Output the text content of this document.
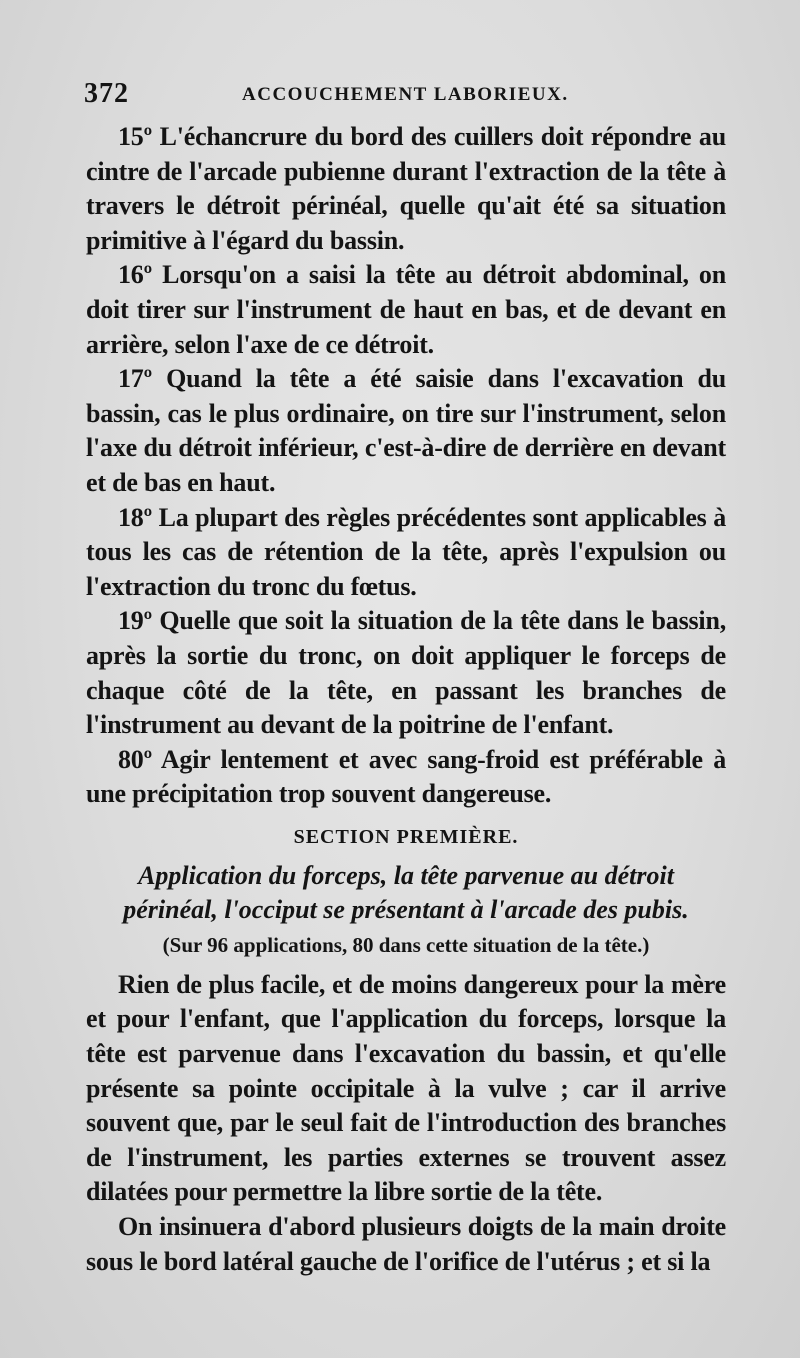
372	ACCOUCHEMENT LABORIEUX.

15º L'échancrure du bord des cuillers doit répondre au cintre de l'arcade pubienne durant l'extraction de la tête à travers le détroit périnéal, quelle qu'ait été sa situation primitive à l'égard du bassin.

16º Lorsqu'on a saisi la tête au détroit abdominal, on doit tirer sur l'instrument de haut en bas, et de devant en arrière, selon l'axe de ce détroit.

17º Quand la tête a été saisie dans l'excavation du bassin, cas le plus ordinaire, on tire sur l'instrument, selon l'axe du détroit inférieur, c'est-à-dire de derrière en devant et de bas en haut.

18º La plupart des règles précédentes sont applicables à tous les cas de rétention de la tête, après l'expulsion ou l'extraction du tronc du fœtus.

19º Quelle que soit la situation de la tête dans le bassin, après la sortie du tronc, on doit appliquer le forceps de chaque côté de la tête, en passant les branches de l'instrument au devant de la poitrine de l'enfant.

80º Agir lentement et avec sang-froid est préférable à une précipitation trop souvent dangereuse.

SECTION PREMIÈRE.
Application du forceps, la tête parvenue au détroit périnéal, l'occiput se présentant à l'arcade des pubis.
(Sur 96 applications, 80 dans cette situation de la tête.)

Rien de plus facile, et de moins dangereux pour la mère et pour l'enfant, que l'application du forceps, lorsque la tête est parvenue dans l'excavation du bassin, et qu'elle présente sa pointe occipitale à la vulve ; car il arrive souvent que, par le seul fait de l'introduction des branches de l'instrument, les parties externes se trouvent assez dilatées pour permettre la libre sortie de la tête.

On insinuera d'abord plusieurs doigts de la main droite sous le bord latéral gauche de l'orifice de l'utérus ; et si la
